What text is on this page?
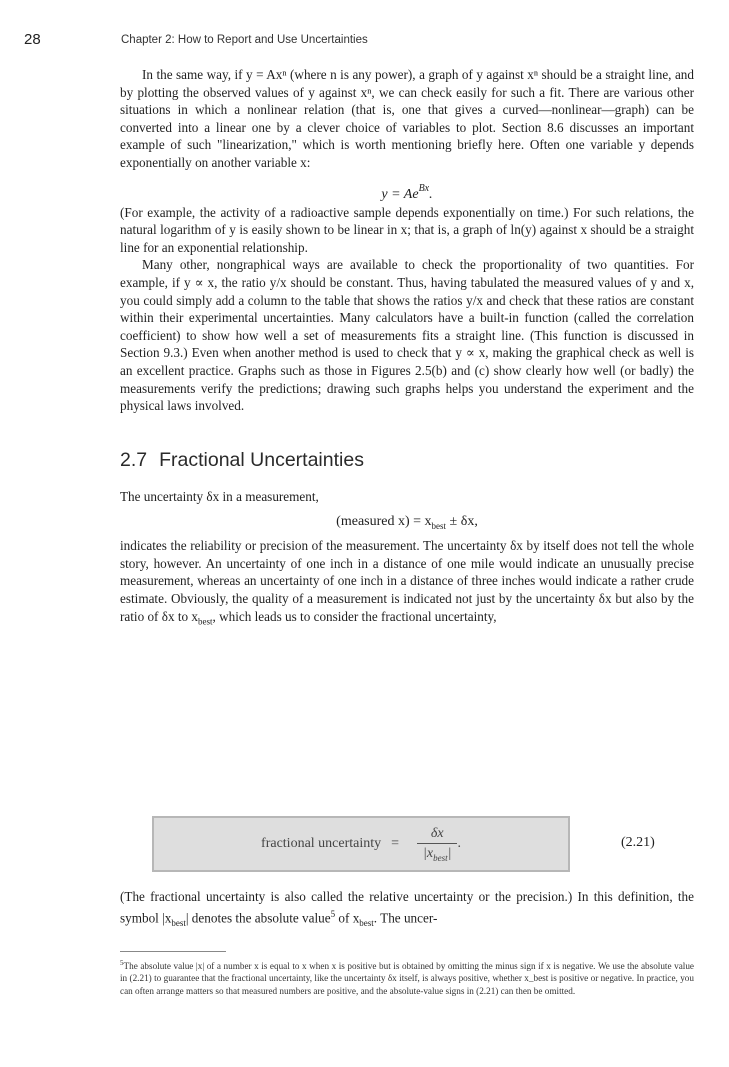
28	Chapter 2: How to Report and Use Uncertainties

In the same way, if y = Axⁿ (where n is any power), a graph of y against xⁿ should be a straight line, and by plotting the observed values of y against xⁿ, we can check easily for such a fit. There are various other situations in which a nonlinear relation (that is, one that gives a curved—nonlinear—graph) can be converted into a linear one by a clever choice of variables to plot. Section 8.6 discusses an important example of such "linearization," which is worth mentioning briefly here. Often one variable y depends exponentially on another variable x:

$y = Ae^{Bx}$.

(For example, the activity of a radioactive sample depends exponentially on time.) For such relations, the natural logarithm of y is easily shown to be linear in x; that is, a graph of ln(y) against x should be a straight line for an exponential relationship.

Many other, nongraphical ways are available to check the proportionality of two quantities. For example, if y ∝ x, the ratio y/x should be constant. Thus, having tabulated the measured values of y and x, you could simply add a column to the table that shows the ratios y/x and check that these ratios are constant within their experimental uncertainties. Many calculators have a built-in function (called the correlation coefficient) to show how well a set of measurements fits a straight line. (This function is discussed in Section 9.3.) Even when another method is used to check that y ∝ x, making the graphical check as well is an excellent practice. Graphs such as those in Figures 2.5(b) and (c) show clearly how well (or badly) the measurements verify the predictions; drawing such graphs helps you understand the experiment and the physical laws involved.

2.7 Fractional Uncertainties

The uncertainty δx in a measurement,

(measured $x) = x_{best} \pm \delta x$,

indicates the reliability or precision of the measurement. The uncertainty δx by itself does not tell the whole story, however. An uncertainty of one inch in a distance of one mile would indicate an unusually precise measurement, whereas an uncertainty of one inch in a distance of three inches would indicate a rather crude estimate. Obviously, the quality of a measurement is indicated not just by the uncertainty δx but also by the ratio of δx to $x_{best}$, which leads us to consider the fractional uncertainty,

fractional uncertainty = $\frac{\delta x}{|x_{best}|}$ .	(2.21)

(The fractional uncertainty is also called the relative uncertainty or the precision.) In this definition, the symbol $|x_{best}|$ denotes the absolute value$^5$ of $x_{best}$. The uncer-

$^5$The absolute value |x| of a number x is equal to x when x is positive but is obtained by omitting the minus sign if x is negative. We use the absolute value in (2.21) to guarantee that the fractional uncertainty, like the uncertainty δx itself, is always positive, whether x_best is positive or negative. In practice, you can often arrange matters so that measured numbers are positive, and the absolute-value signs in (2.21) can then be omitted.
